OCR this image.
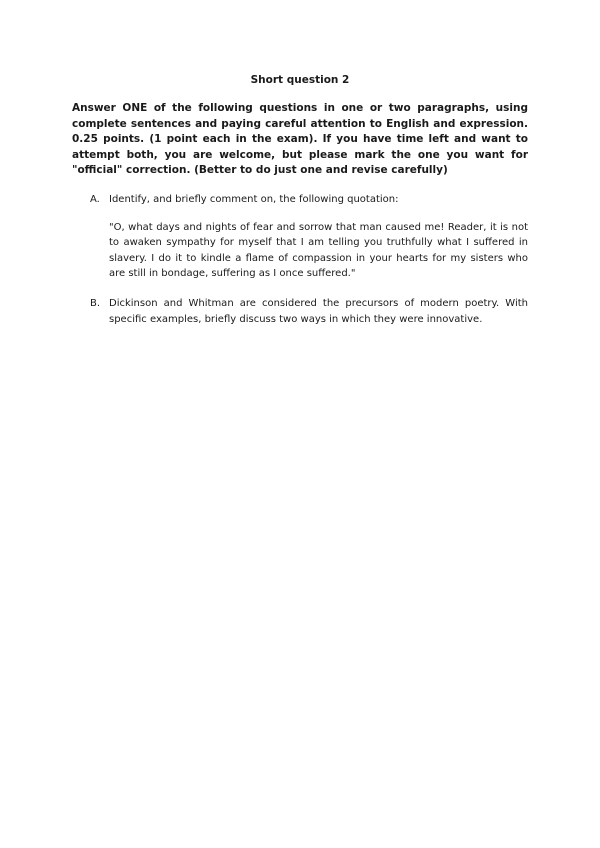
Short question 2
Answer ONE of the following questions in one or two paragraphs, using complete sentences and paying careful attention to English and expression. 0.25 points. (1 point each in the exam). If you have time left and want to attempt both, you are welcome, but please mark the one you want for "official" correction. (Better to do just one and revise carefully)
A. Identify, and briefly comment on, the following quotation:
"O, what days and nights of fear and sorrow that man caused me! Reader, it is not to awaken sympathy for myself that I am telling you truthfully what I suffered in slavery. I do it to kindle a flame of compassion in your hearts for my sisters who are still in bondage, suffering as I once suffered."
B. Dickinson and Whitman are considered the precursors of modern poetry. With specific examples, briefly discuss two ways in which they were innovative.
